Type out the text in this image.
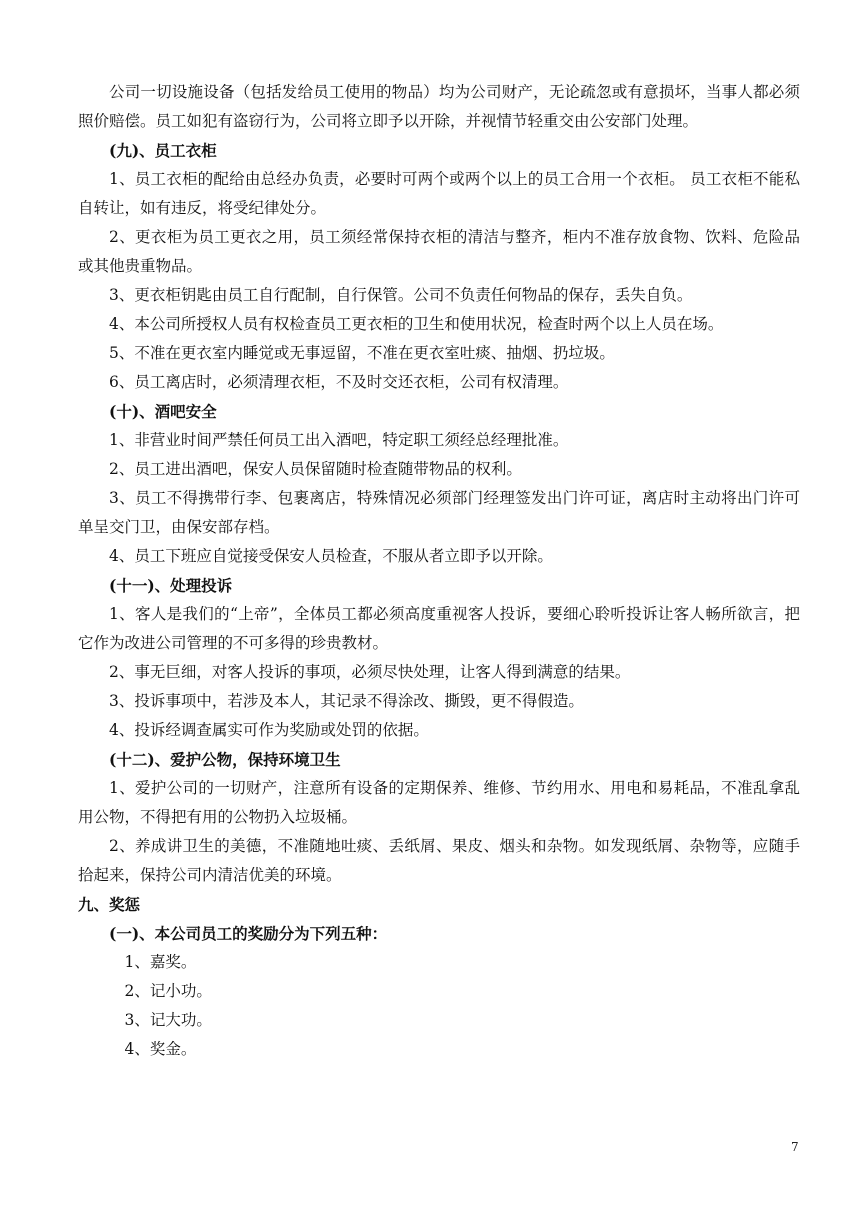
公司一切设施设备（包括发给员工使用的物品）均为公司财产，无论疏忽或有意损坏，当事人都必须照价赔偿。员工如犯有盗窃行为，公司将立即予以开除，并视情节轻重交由公安部门处理。

(九)、员工衣柜

1、员工衣柜的配给由总经办负责，必要时可两个或两个以上的员工合用一个衣柜。 员工衣柜不能私自转让，如有违反，将受纪律处分。

2、更衣柜为员工更衣之用，员工须经常保持衣柜的清洁与整齐，柜内不准存放食物、饮料、危险品或其他贵重物品。

3、更衣柜钥匙由员工自行配制，自行保管。公司不负责任何物品的保存，丢失自负。

4、本公司所授权人员有权检查员工更衣柜的卫生和使用状况，检查时两个以上人员在场。

5、不准在更衣室内睡觉或无事逗留，不准在更衣室吐痰、抽烟、扔垃圾。

6、员工离店时，必须清理衣柜，不及时交还衣柜，公司有权清理。

(十)、酒吧安全

1、非营业时间严禁任何员工出入酒吧，特定职工须经总经理批准。

2、员工进出酒吧，保安人员保留随时检查随带物品的权利。

3、员工不得携带行李、包裹离店，特殊情况必须部门经理签发出门许可证，离店时主动将出门许可单呈交门卫，由保安部存档。

4、员工下班应自觉接受保安人员检查，不服从者立即予以开除。

(十一)、处理投诉

1、客人是我们的“上帝”，全体员工都必须高度重视客人投诉，要细心聆听投诉让客人畅所欲言，把它作为改进公司管理的不可多得的珍贵教材。

2、事无巨细，对客人投诉的事项，必须尽快处理，让客人得到满意的结果。

3、投诉事项中，若涉及本人，其记录不得涂改、撕毁，更不得假造。

4、投诉经调查属实可作为奖励或处罚的依据。

(十二)、爱护公物，保持环境卫生

1、爱护公司的一切财产，注意所有设备的定期保养、维修、节约用水、用电和易耗品，不准乱拿乱用公物，不得把有用的公物扔入垃圾桶。

2、养成讲卫生的美德，不准随地吐痰、丢纸屑、果皮、烟头和杂物。如发现纸屑、杂物等，应随手拾起来，保持公司内清洁优美的环境。

九、奖惩

(一)、本公司员工的奖励分为下列五种：

1、嘉奖。

2、记小功。

3、记大功。

4、奖金。

7
